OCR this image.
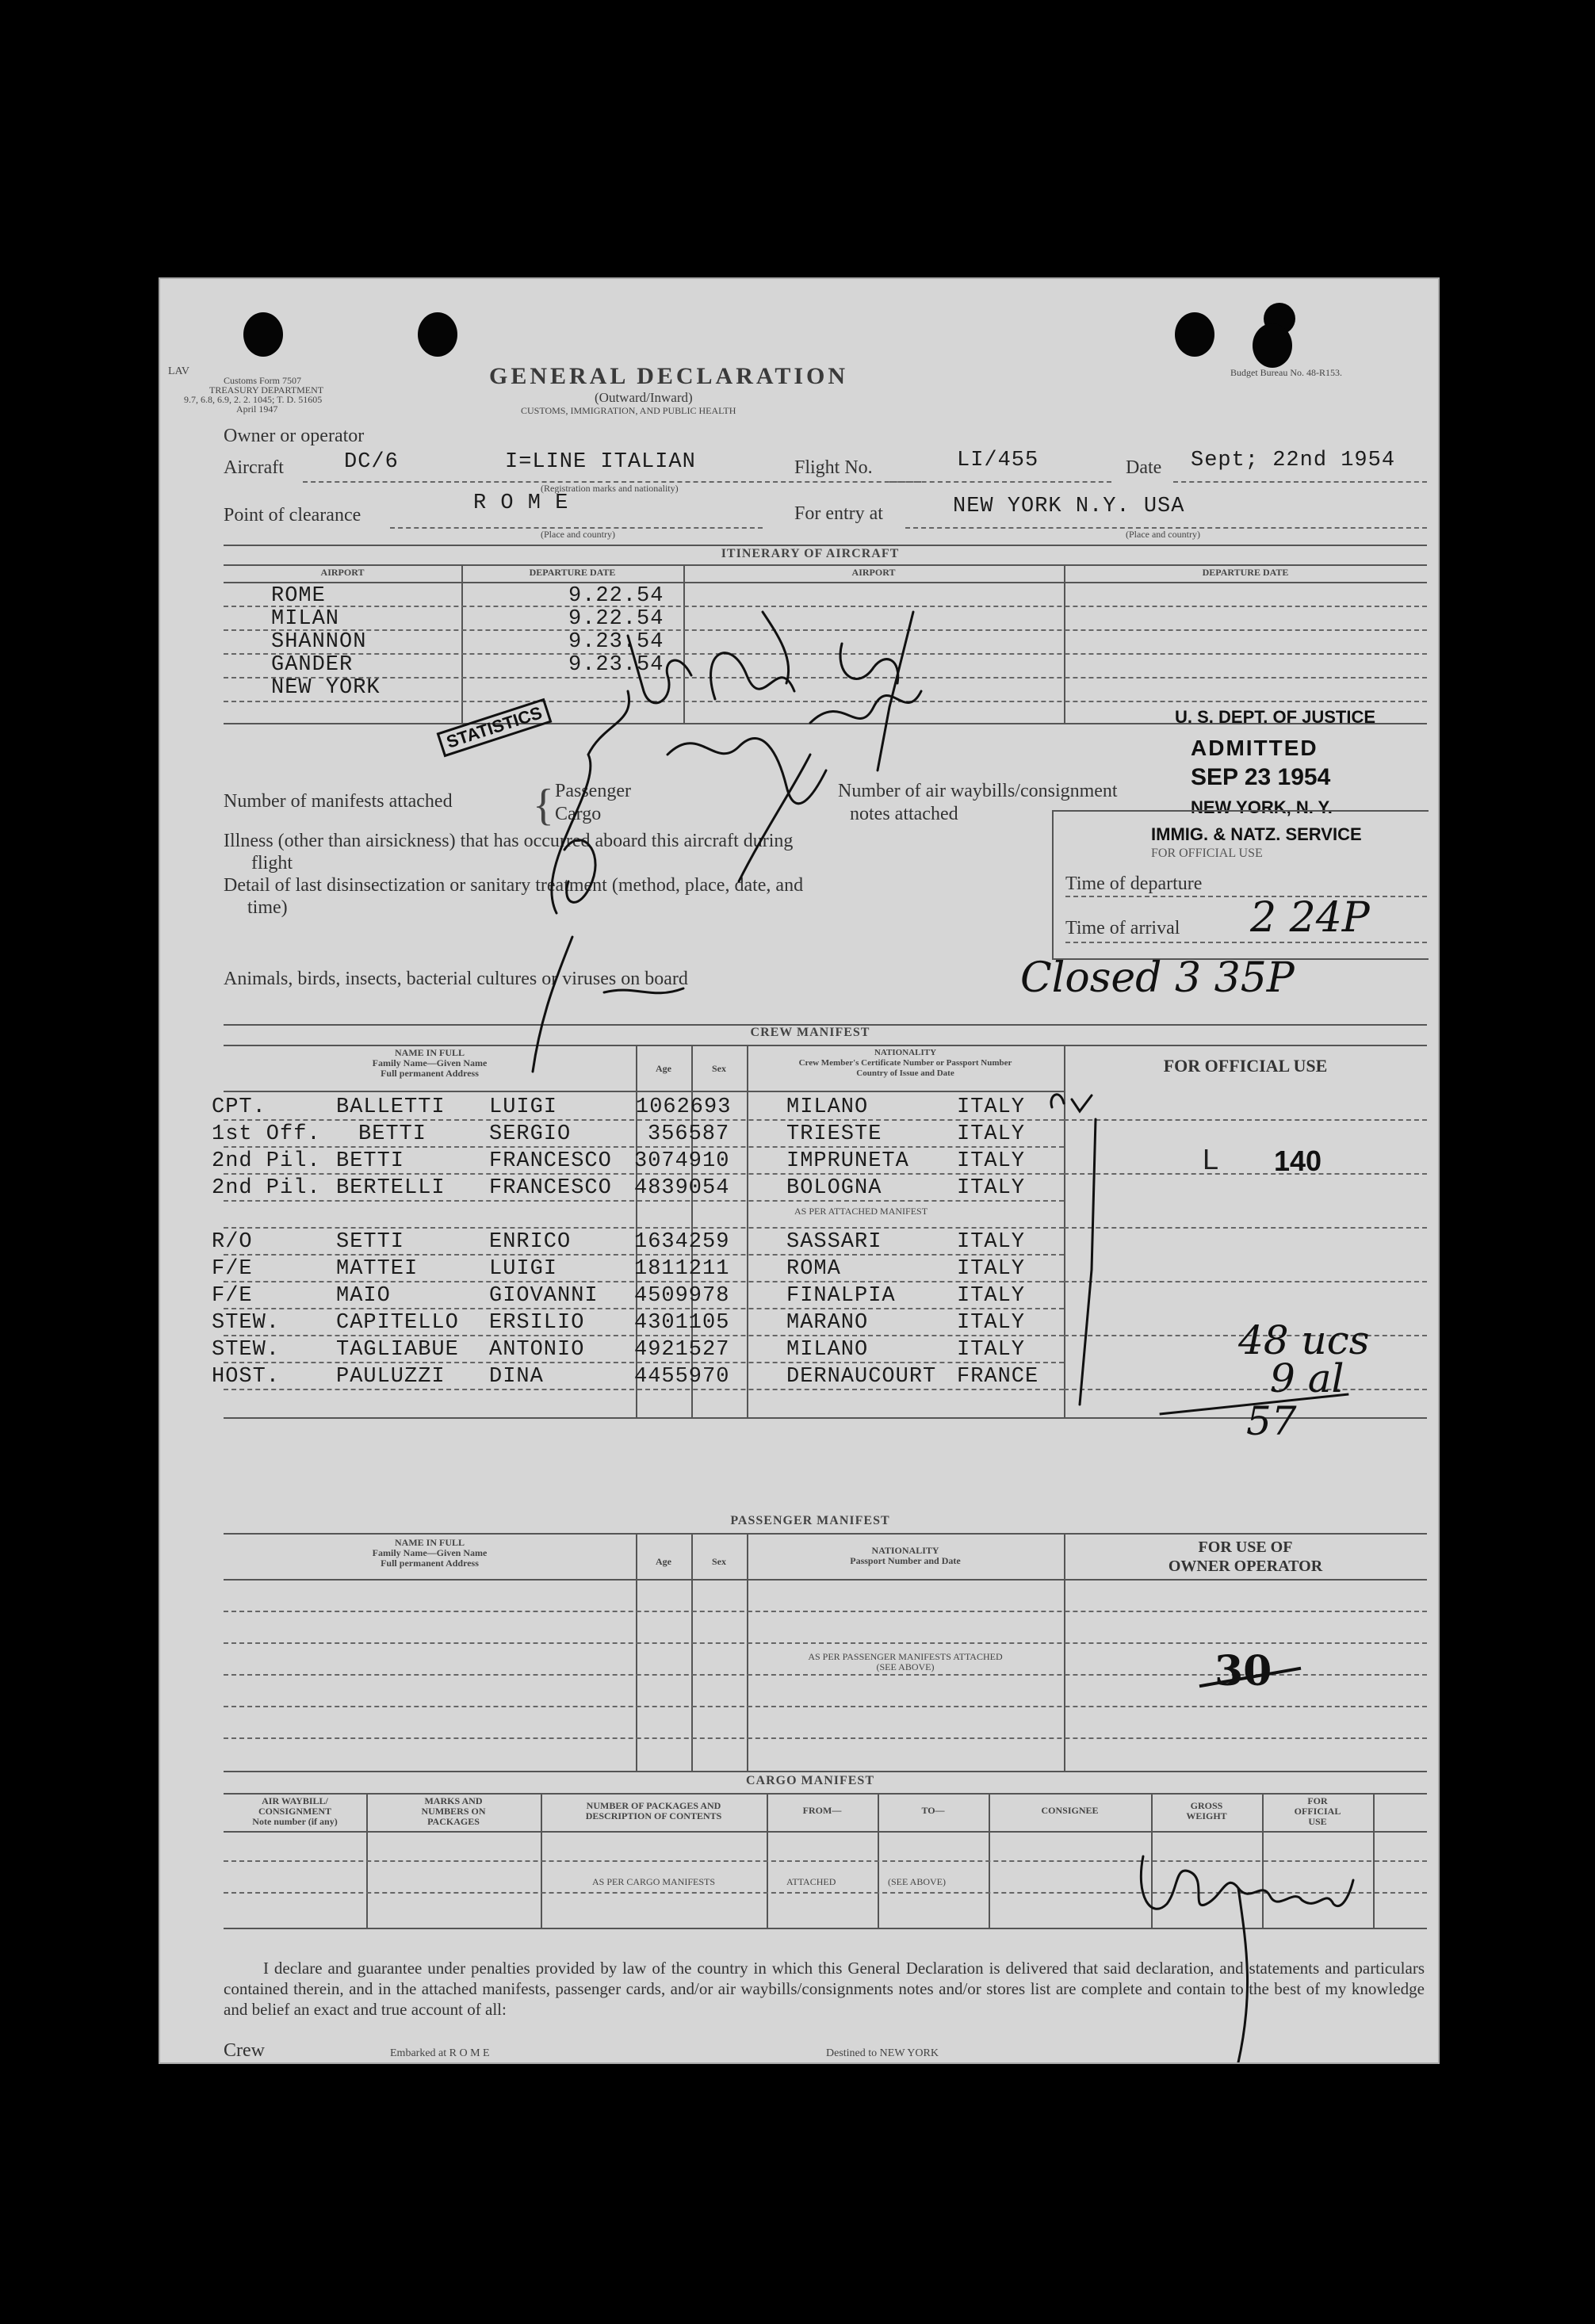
LAV
Customs Form 7507
TREASURY DEPARTMENT
9.7, 6.8, 6.9, 2. 2. 1045; T. D. 51605
April 1947
GENERAL DECLARATION
(Outward/Inward)
CUSTOMS, IMMIGRATION, AND PUBLIC HEALTH
Budget Bureau No. 48-R153.
Owner or operator
Aircraft	DC/6	I=LINE ITALIAN
(Registration marks and nationality)
Flight No.	LI/455	Date Sept; 22nd 1954
Point of clearance	R O M E
(Place and country)
For entry at	NEW YORK N.Y. USA
(Place and country)
ITINERARY OF AIRCRAFT
AIRPORT	DEPARTURE DATE	AIRPORT	DEPARTURE DATE
ROME	9.22.54
MILAN	9.22.54
SHANNON	9.23.54
GANDER	9.23.54
NEW YORK
STATISTICS
Number of manifests attached { Passenger
Cargo
Number of air waybills/consignment
notes attached
Illness (other than airsickness) that has occurred aboard this aircraft during
flight
Detail of last disinsectization or sanitary treatment (method, place, date, and
time)
Animals, birds, insects, bacterial cultures or viruses on board
U. S. DEPT. OF JUSTICE
ADMITTED
SEP 23 1954
NEW YORK, N. Y.
IMMIG. & NATZ. SERVICE
FOR OFFICIAL USE
Time of departure
Time of arrival 2 24P
Closed 3 35P
CREW MANIFEST
NAME IN FULL
Family Name—Given Name
Full permanent Address	Age	Sex
NATIONALITY
Crew Member's Certificate Number or Passport Number
Country of Issue and Date	FOR OFFICIAL USE
L 140
AS PER ATTACHED MANIFEST
CPT.	BALLETTI LUIGI	1062693	MILANO	ITALY
1st Off. BETTI	SERGIO	356587	TRIESTE	ITALY
2nd Pil. BETTI	FRANCESCO 3074910	IMPRUNETA ITALY
2nd Pil. BERTELLI FRANCESCO 4839054	BOLOGNA	ITALY
R/O	SETTI	ENRICO	1634259	SASSARI	ITALY
F/E	MATTEI	LUIGI	1811211	ROMA	ITALY
F/E	MAIO	GIOVANNI 4509978	FINALPIA	ITALY
STEW.	CAPITELLO ERSILIO 4301105	MARANO	ITALY
STEW.	TAGLIABUE ANTONIO 4921527	MILANO	ITALY
HOST.	PAULUZZI DINA	4455970	DERNAUCOURT FRANCE
48 ucs
9 al
57
PASSENGER MANIFEST
NAME IN FULL
Family Name—Given Name
Full permanent Address	Age	Sex
NATIONALITY
Passport Number and Date
FOR USE OF
OWNER OPERATOR
AS PER PASSENGER MANIFESTS ATTACHED
(SEE ABOVE)	30
CARGO MANIFEST
AIR WAYBILL/
CONSIGNMENT
Note number (if any)
MARKS AND
NUMBERS ON
PACKAGES
NUMBER OF PACKAGES AND
DESCRIPTION OF CONTENTS	FROM—	TO—	CONSIGNEE	GROSS
WEIGHT
FOR
OFFICIAL
USE
AS PER CARGO MANIFESTS	ATTACHED	(SEE ABOVE)
I declare and guarantee under penalties provided by law of the country in which this General Declaration is delivered that said declaration, and statements and particulars contained therein, and in the attached manifests, passenger cards, and/or air waybills/consignments notes and/or stores list are complete and contain to the best of my knowledge and belief an exact and true account of all:
Crew	Embarked at R O M E	Destined to NEW YORK
